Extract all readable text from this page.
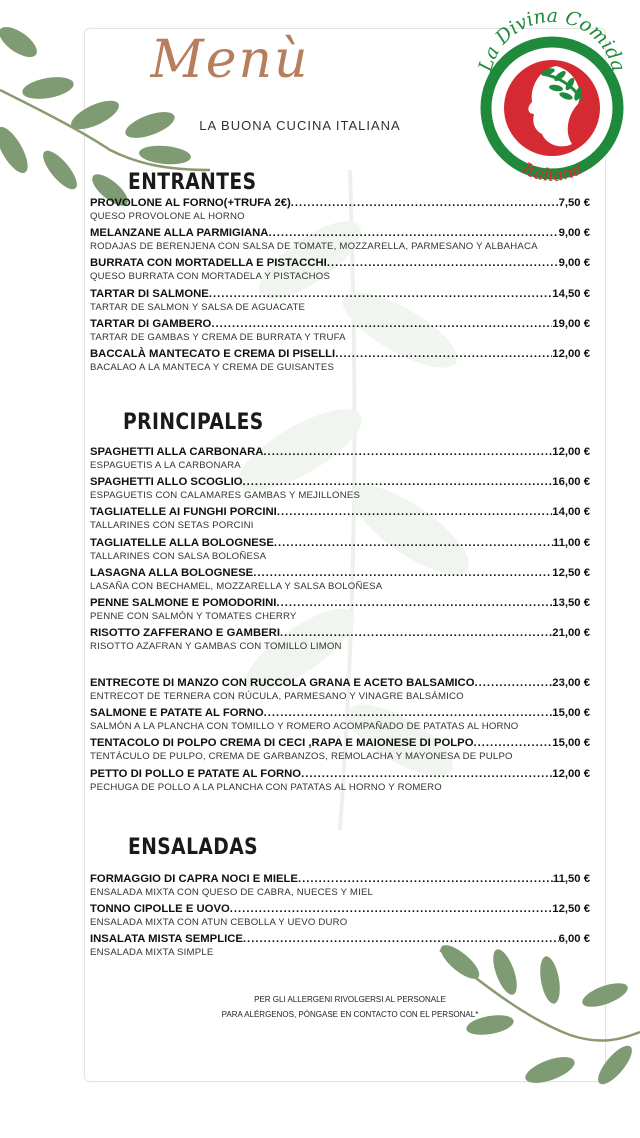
La Divina Comida
Italiana
Menù
LA BUONA CUCINA ITALIANA
ENTRANTES
PROVOLONE AL FORNO(+TRUFA 2€) .....	7,50 €
QUESO PROVOLONE AL HORNO
MELANZANE ALLA PARMIGIANA .....	9,00 €
RODAJAS DE BERENJENA CON SALSA DE TOMATE, MOZZARELLA, PARMESANO Y ALBAHACA
BURRATA CON MORTADELLA E PISTACCHI .....	9,00 €
QUESO BURRATA CON MORTADELA Y PISTACHOS
TARTAR DI SALMONE .....	14,50 €
TARTAR DE SALMON Y SALSA DE AGUACATE
TARTAR DI GAMBERO .....	19,00 €
TARTAR DE GAMBAS Y CREMA DE BURRATA Y TRUFA
BACCALÀ MANTECATO E CREMA DI PISELLI .....	12,00 €
BACALAO A LA MANTECA Y CREMA DE GUISANTES
PRINCIPALES
SPAGHETTI ALLA CARBONARA .....	12,00 €
ESPAGUETIS A LA CARBONARA
SPAGHETTI ALLO SCOGLIO .....	16,00 €
ESPAGUETIS CON CALAMARES GAMBAS Y MEJILLONES
TAGLIATELLE AI FUNGHI PORCINI .....	14,00 €
TALLARINES CON SETAS PORCINI
TAGLIATELLE ALLA BOLOGNESE .....	11,00 €
TALLARINES CON SALSA BOLOÑESA
LASAGNA ALLA BOLOGNESE .....	12,50 €
LASAÑA CON BECHAMEL, MOZZARELLA Y SALSA BOLOÑESA
PENNE SALMONE E POMODORINI .....	13,50 €
PENNE CON SALMÓN Y TOMATES CHERRY
RISOTTO ZAFFERANO E GAMBERI .....	21,00 €
RISOTTO AZAFRAN Y GAMBAS CON TOMILLO LIMON
ENTRECOTE DI MANZO CON RUCCOLA GRANA E ACETO BALSAMICO .....	23,00 €
ENTRECOT DE TERNERA CON RÚCULA, PARMESANO Y VINAGRE BALSÁMICO
SALMONE E PATATE AL FORNO .....	15,00 €
SALMÓN A LA PLANCHA CON TOMILLO Y ROMERO ACOMPAÑADO DE PATATAS AL HORNO
TENTACOLO DI POLPO CREMA DI CECI ,RAPA E MAIONESE DI POLPO .....	15,00 €
TENTÁCULO DE PULPO, CREMA DE GARBANZOS, REMOLACHA Y MAYONESA DE PULPO
PETTO DI POLLO E PATATE AL FORNO .....	12,00 €
PECHUGA DE POLLO A LA PLANCHA CON PATATAS AL HORNO Y ROMERO
ENSALADAS
FORMAGGIO DI CAPRA NOCI E MIELE .....	11,50 €
ENSALADA MIXTA CON QUESO DE CABRA, NUECES Y MIEL
TONNO CIPOLLE E UOVO .....	12,50 €
ENSALADA MIXTA CON ATUN CEBOLLA Y UEVO DURO
INSALATA MISTA SEMPLICE .....	6,00 €
ENSALADA MIXTA SIMPLE
PER GLI ALLERGENI RIVOLGERSI AL PERSONALE
PARA ALÉRGENOS, PÓNGASE EN CONTACTO CON EL PERSONAL*
